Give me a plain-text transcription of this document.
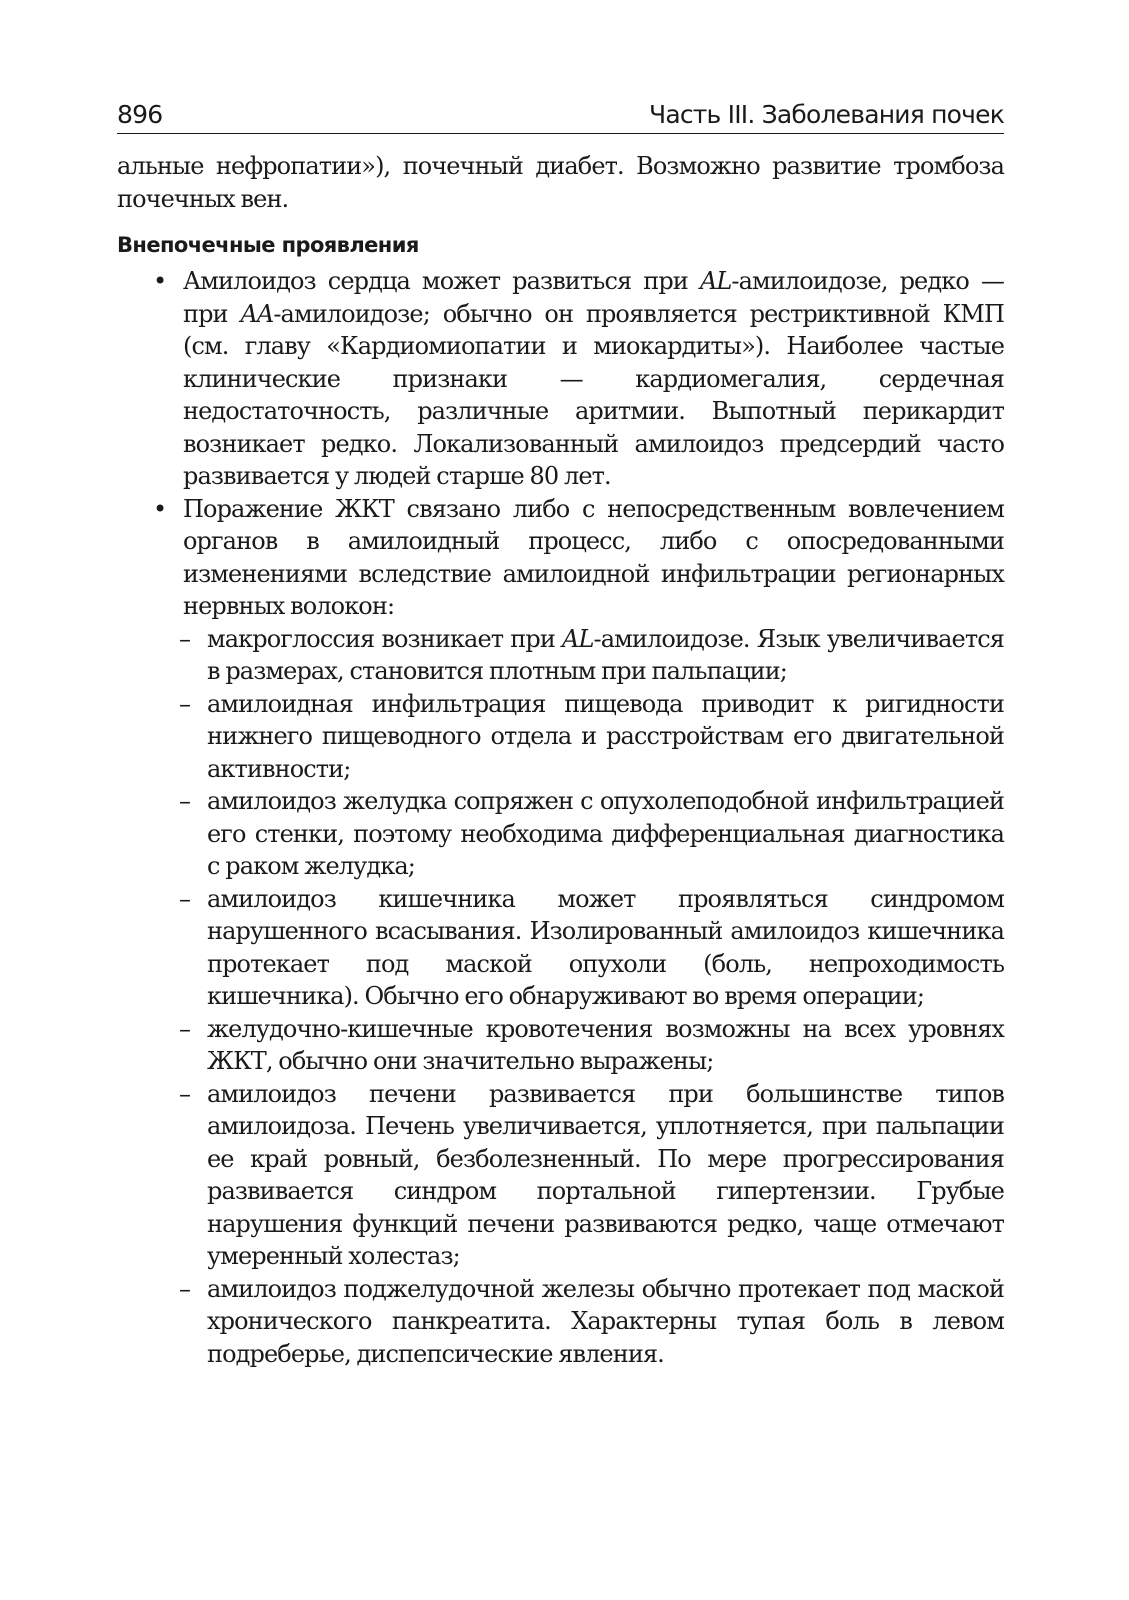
896	Часть III. Заболевания почек

альные нефропатии»), почечный диабет. Возможно развитие тромбоза почечных вен.

Внепочечные проявления
• Амилоидоз сердца может развиться при AL-амилоидозе, редко — при AA-амилоидозе; обычно он проявляется рестриктивной КМП (см. главу «Кардиомиопатии и миокардиты»). Наиболее частые клинические признаки — кардиомегалия, сердечная недостаточность, различные аритмии. Выпотный перикардит возникает редко. Локализованный амилоидоз предсердий часто развивается у людей старше 80 лет.
• Поражение ЖКТ связано либо с непосредственным вовлечением органов в амилоидный процесс, либо с опосредованными изменениями вследствие амилоидной инфильтрации регионарных нервных волокон:
– макроглоссия возникает при AL-амилоидозе. Язык увеличивается в размерах, становится плотным при пальпации;
– амилоидная инфильтрация пищевода приводит к ригидности нижнего пищеводного отдела и расстройствам его двигательной активности;
– амилоидоз желудка сопряжен с опухолеподобной инфильтрацией его стенки, поэтому необходима дифференциальная диагностика с раком желудка;
– амилоидоз кишечника может проявляться синдромом нарушенного всасывания. Изолированный амилоидоз кишечника протекает под маской опухоли (боль, непроходимость кишечника). Обычно его обнаруживают во время операции;
– желудочно-кишечные кровотечения возможны на всех уровнях ЖКТ, обычно они значительно выражены;
– амилоидоз печени развивается при большинстве типов амилоидоза. Печень увеличивается, уплотняется, при пальпации ее край ровный, безболезненный. По мере прогрессирования развивается синдром портальной гипертензии. Грубые нарушения функций печени развиваются редко, чаще отмечают умеренный холестаз;
– амилоидоз поджелудочной железы обычно протекает под маской хронического панкреатита. Характерны тупая боль в левом подреберье, диспепсические явления.
